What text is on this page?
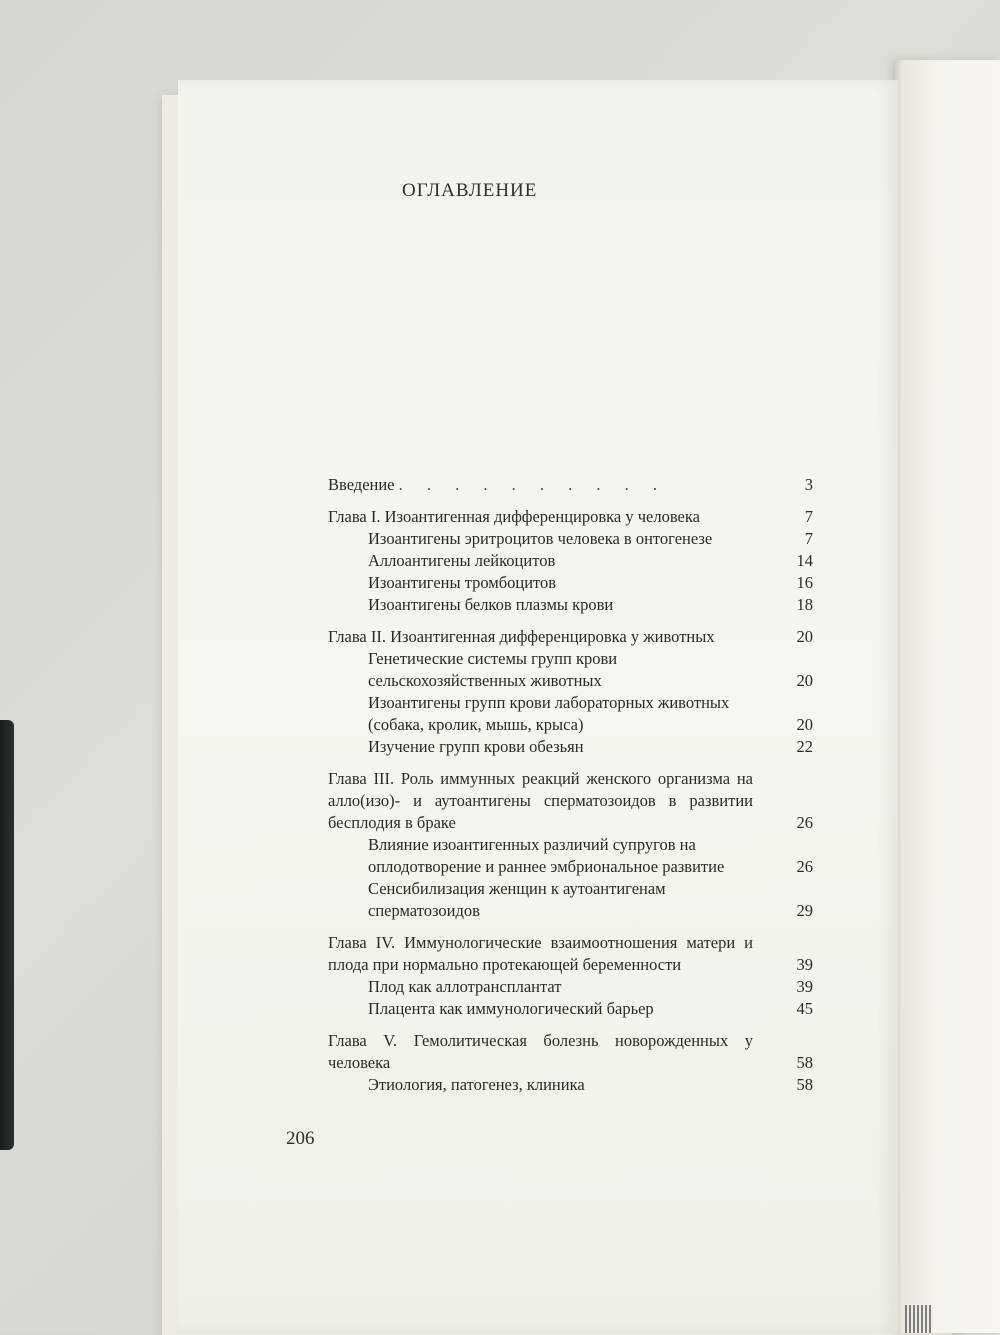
ОГЛАВЛЕНИЕ
Введение . . . . . . . . . .	3
Глава I. Изоантигенная дифференцировка у человека	7
Изоантигены эритроцитов человека в онтогенезе	7
Аллоантигены лейкоцитов	14
Изоантигены тромбоцитов	16
Изоантигены белков плазмы крови	18
Глава II. Изоантигенная дифференцировка у животных	20
Генетические системы групп крови сельскохозяйственных животных	20
Изоантигены групп крови лабораторных животных (собака, кролик, мышь, крыса)	20
Изучение групп крови обезьян	22
Глава III. Роль иммунных реакций женского организма на алло(изо)- и аутоантигены сперматозоидов в развитии бесплодия в браке	26
Влияние изоантигенных различий супругов на оплодотворение и раннее эмбриональное развитие	26
Сенсибилизация женщин к аутоантигенам сперматозоидов	29
Глава IV. Иммунологические взаимоотношения матери и плода при нормально протекающей беременности	39
Плод как аллотрансплантат	39
Плацента как иммунологический барьер	45
Глава V. Гемолитическая болезнь новорожденных у человека	58
Этиология, патогенез, клиника	58
206
